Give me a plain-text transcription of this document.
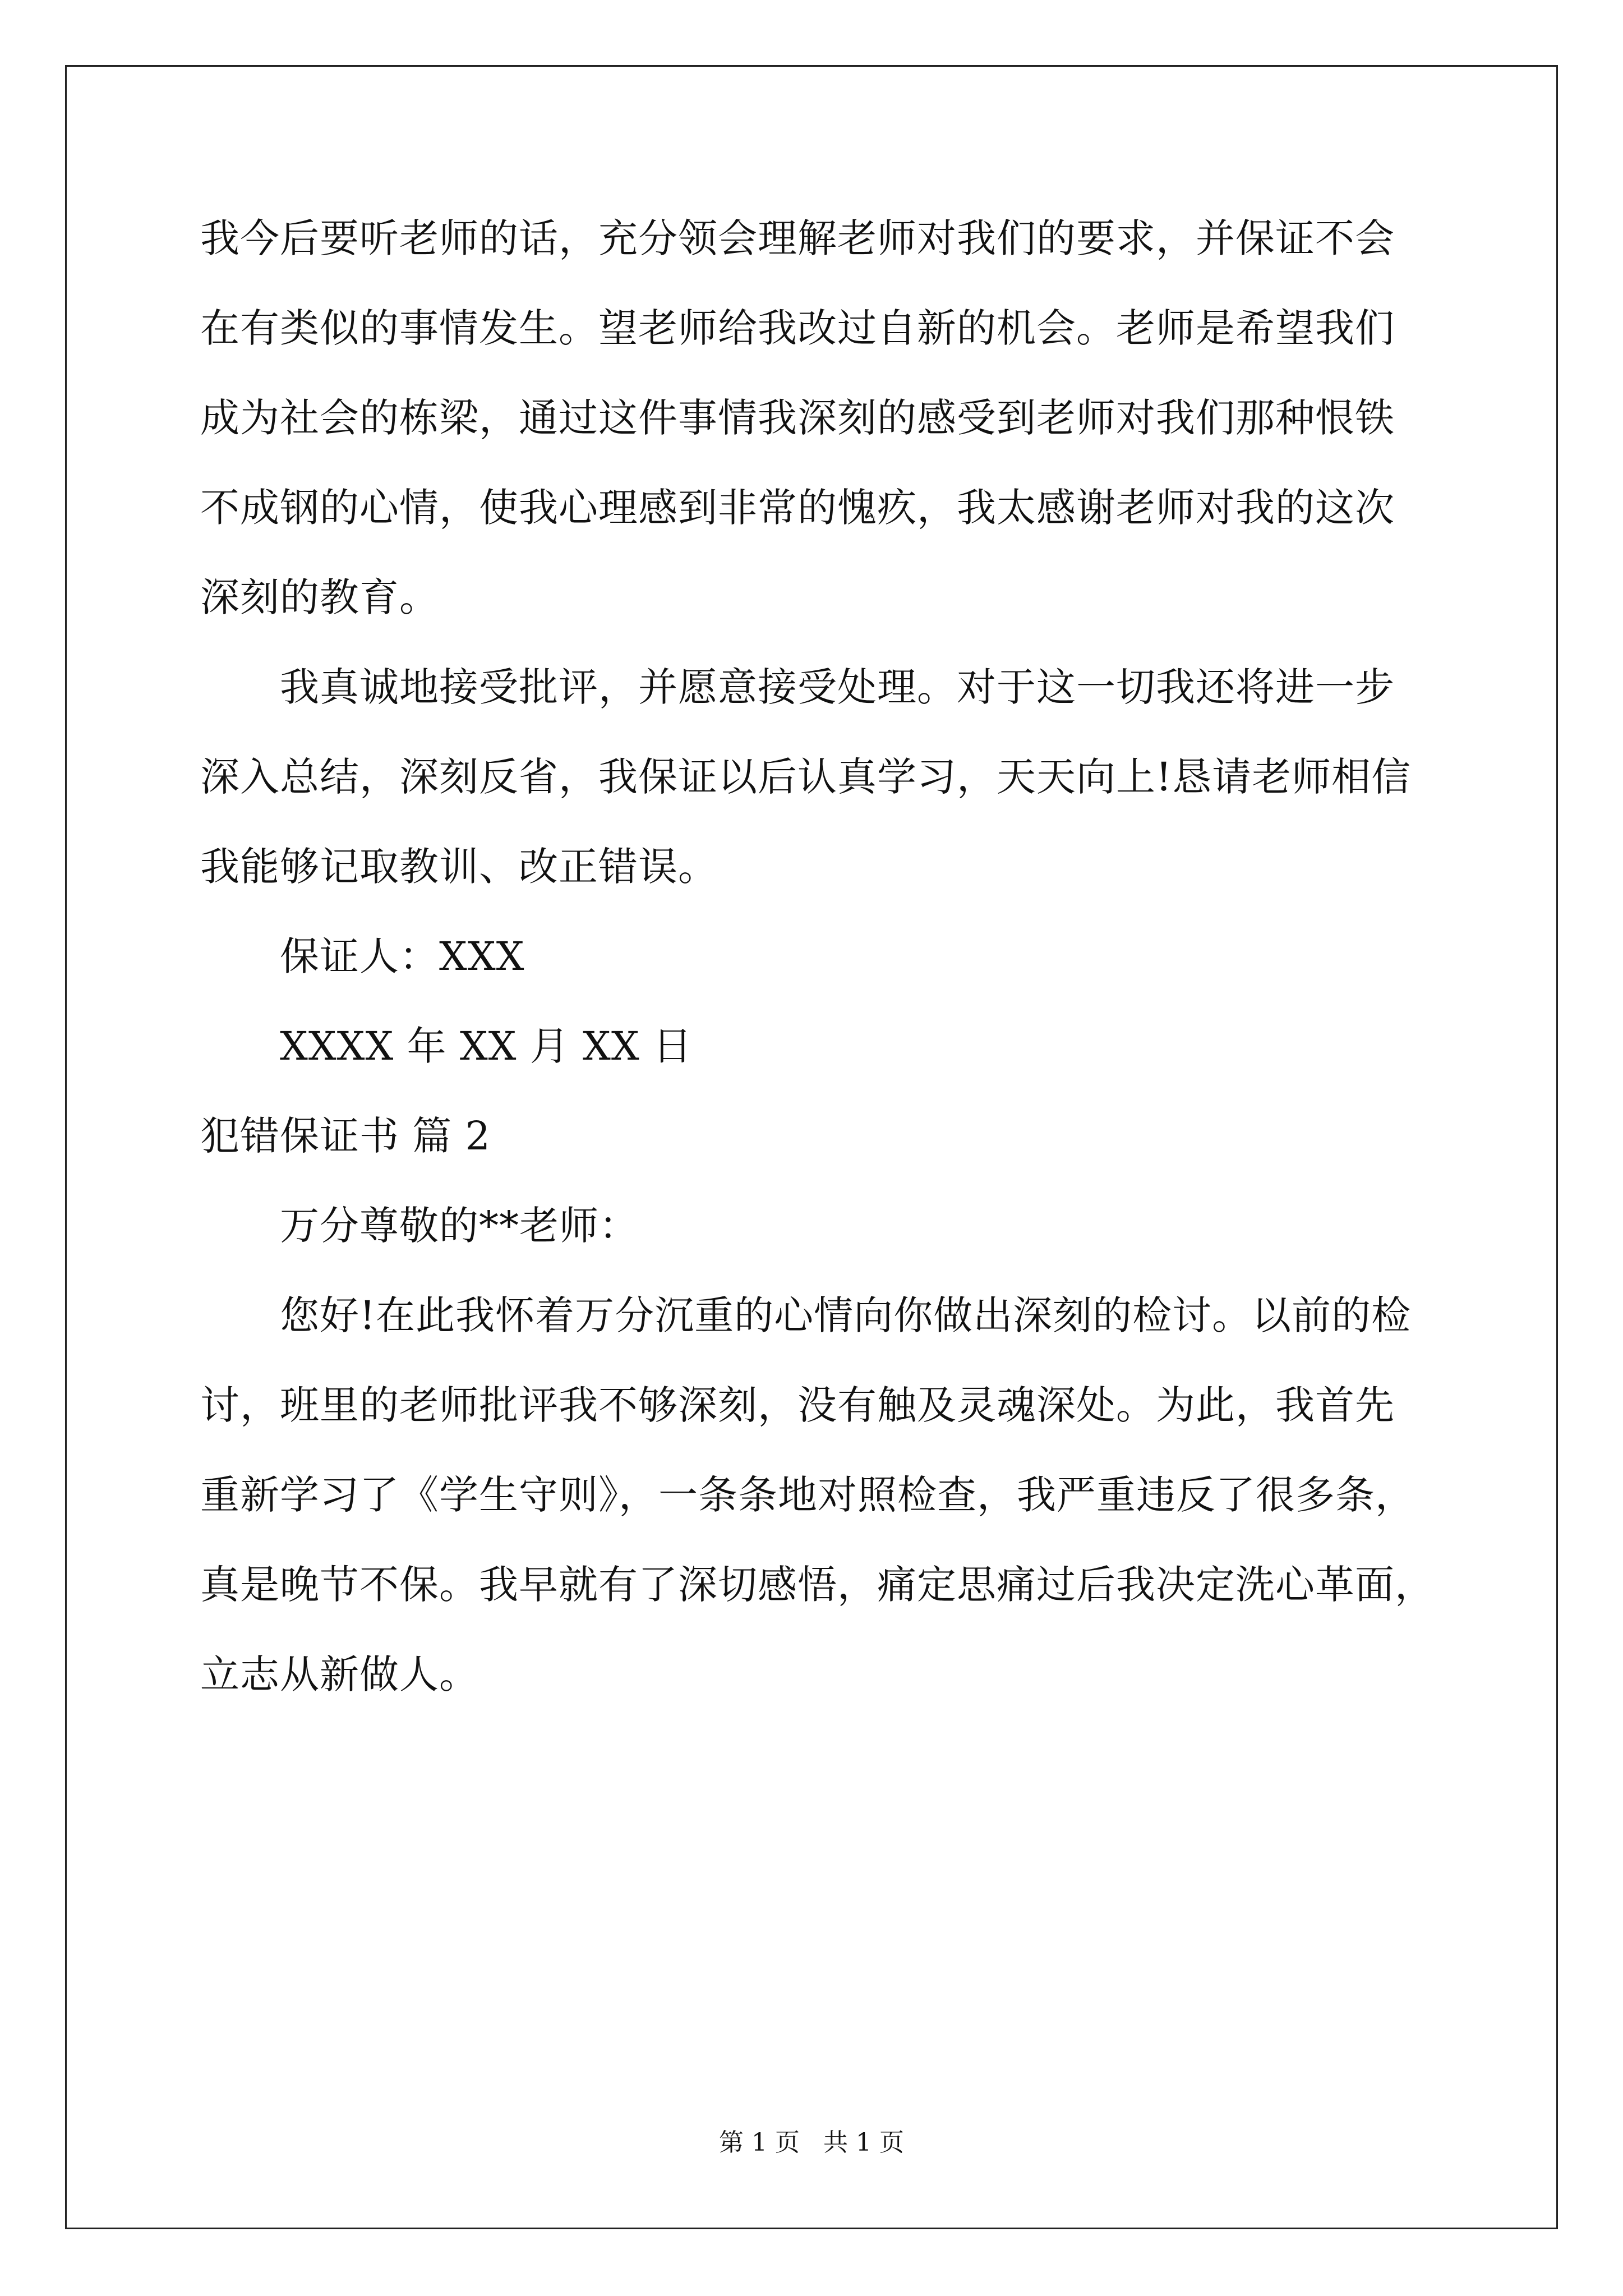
我今后要听老师的话，充分领会理解老师对我们的要求，并保证不会
在有类似的事情发生。望老师给我改过自新的机会。老师是希望我们
成为社会的栋梁，通过这件事情我深刻的感受到老师对我们那种恨铁
不成钢的心情，使我心理感到非常的愧疚，我太感谢老师对我的这次
深刻的教育。
我真诚地接受批评，并愿意接受处理。对于这一切我还将进一步
深入总结，深刻反省，我保证以后认真学习，天天向上!恳请老师相信
我能够记取教训、改正错误。
保证人：XXX
XXXX 年 XX 月 XX 日
犯错保证书 篇 2
万分尊敬的**老师：
您好!在此我怀着万分沉重的心情向你做出深刻的检讨。以前的检
讨，班里的老师批评我不够深刻，没有触及灵魂深处。为此，我首先
重新学习了《学生守则》，一条条地对照检查，我严重违反了很多条，
真是晚节不保。我早就有了深切感悟，痛定思痛过后我决定洗心革面，
立志从新做人。
第 1 页   共 1 页
